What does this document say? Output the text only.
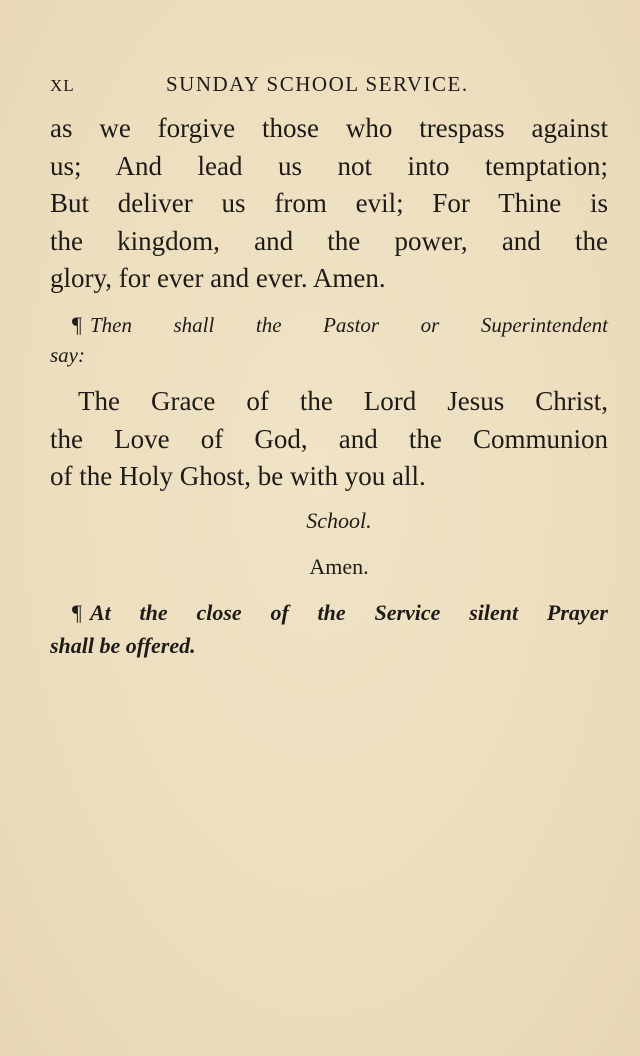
XL	SUNDAY SCHOOL SERVICE.
as we forgive those who trespass against
us; And lead us not into temptation;
But deliver us from evil; For Thine is
the kingdom, and the power, and the
glory, for ever and ever. Amen.
¶ Then shall the Pastor or Superintendent
say:
The Grace of the Lord Jesus Christ,
the Love of God, and the Communion
of the Holy Ghost, be with you all.
School.
Amen.
¶ At the close of the Service silent Prayer
shall be offered.
